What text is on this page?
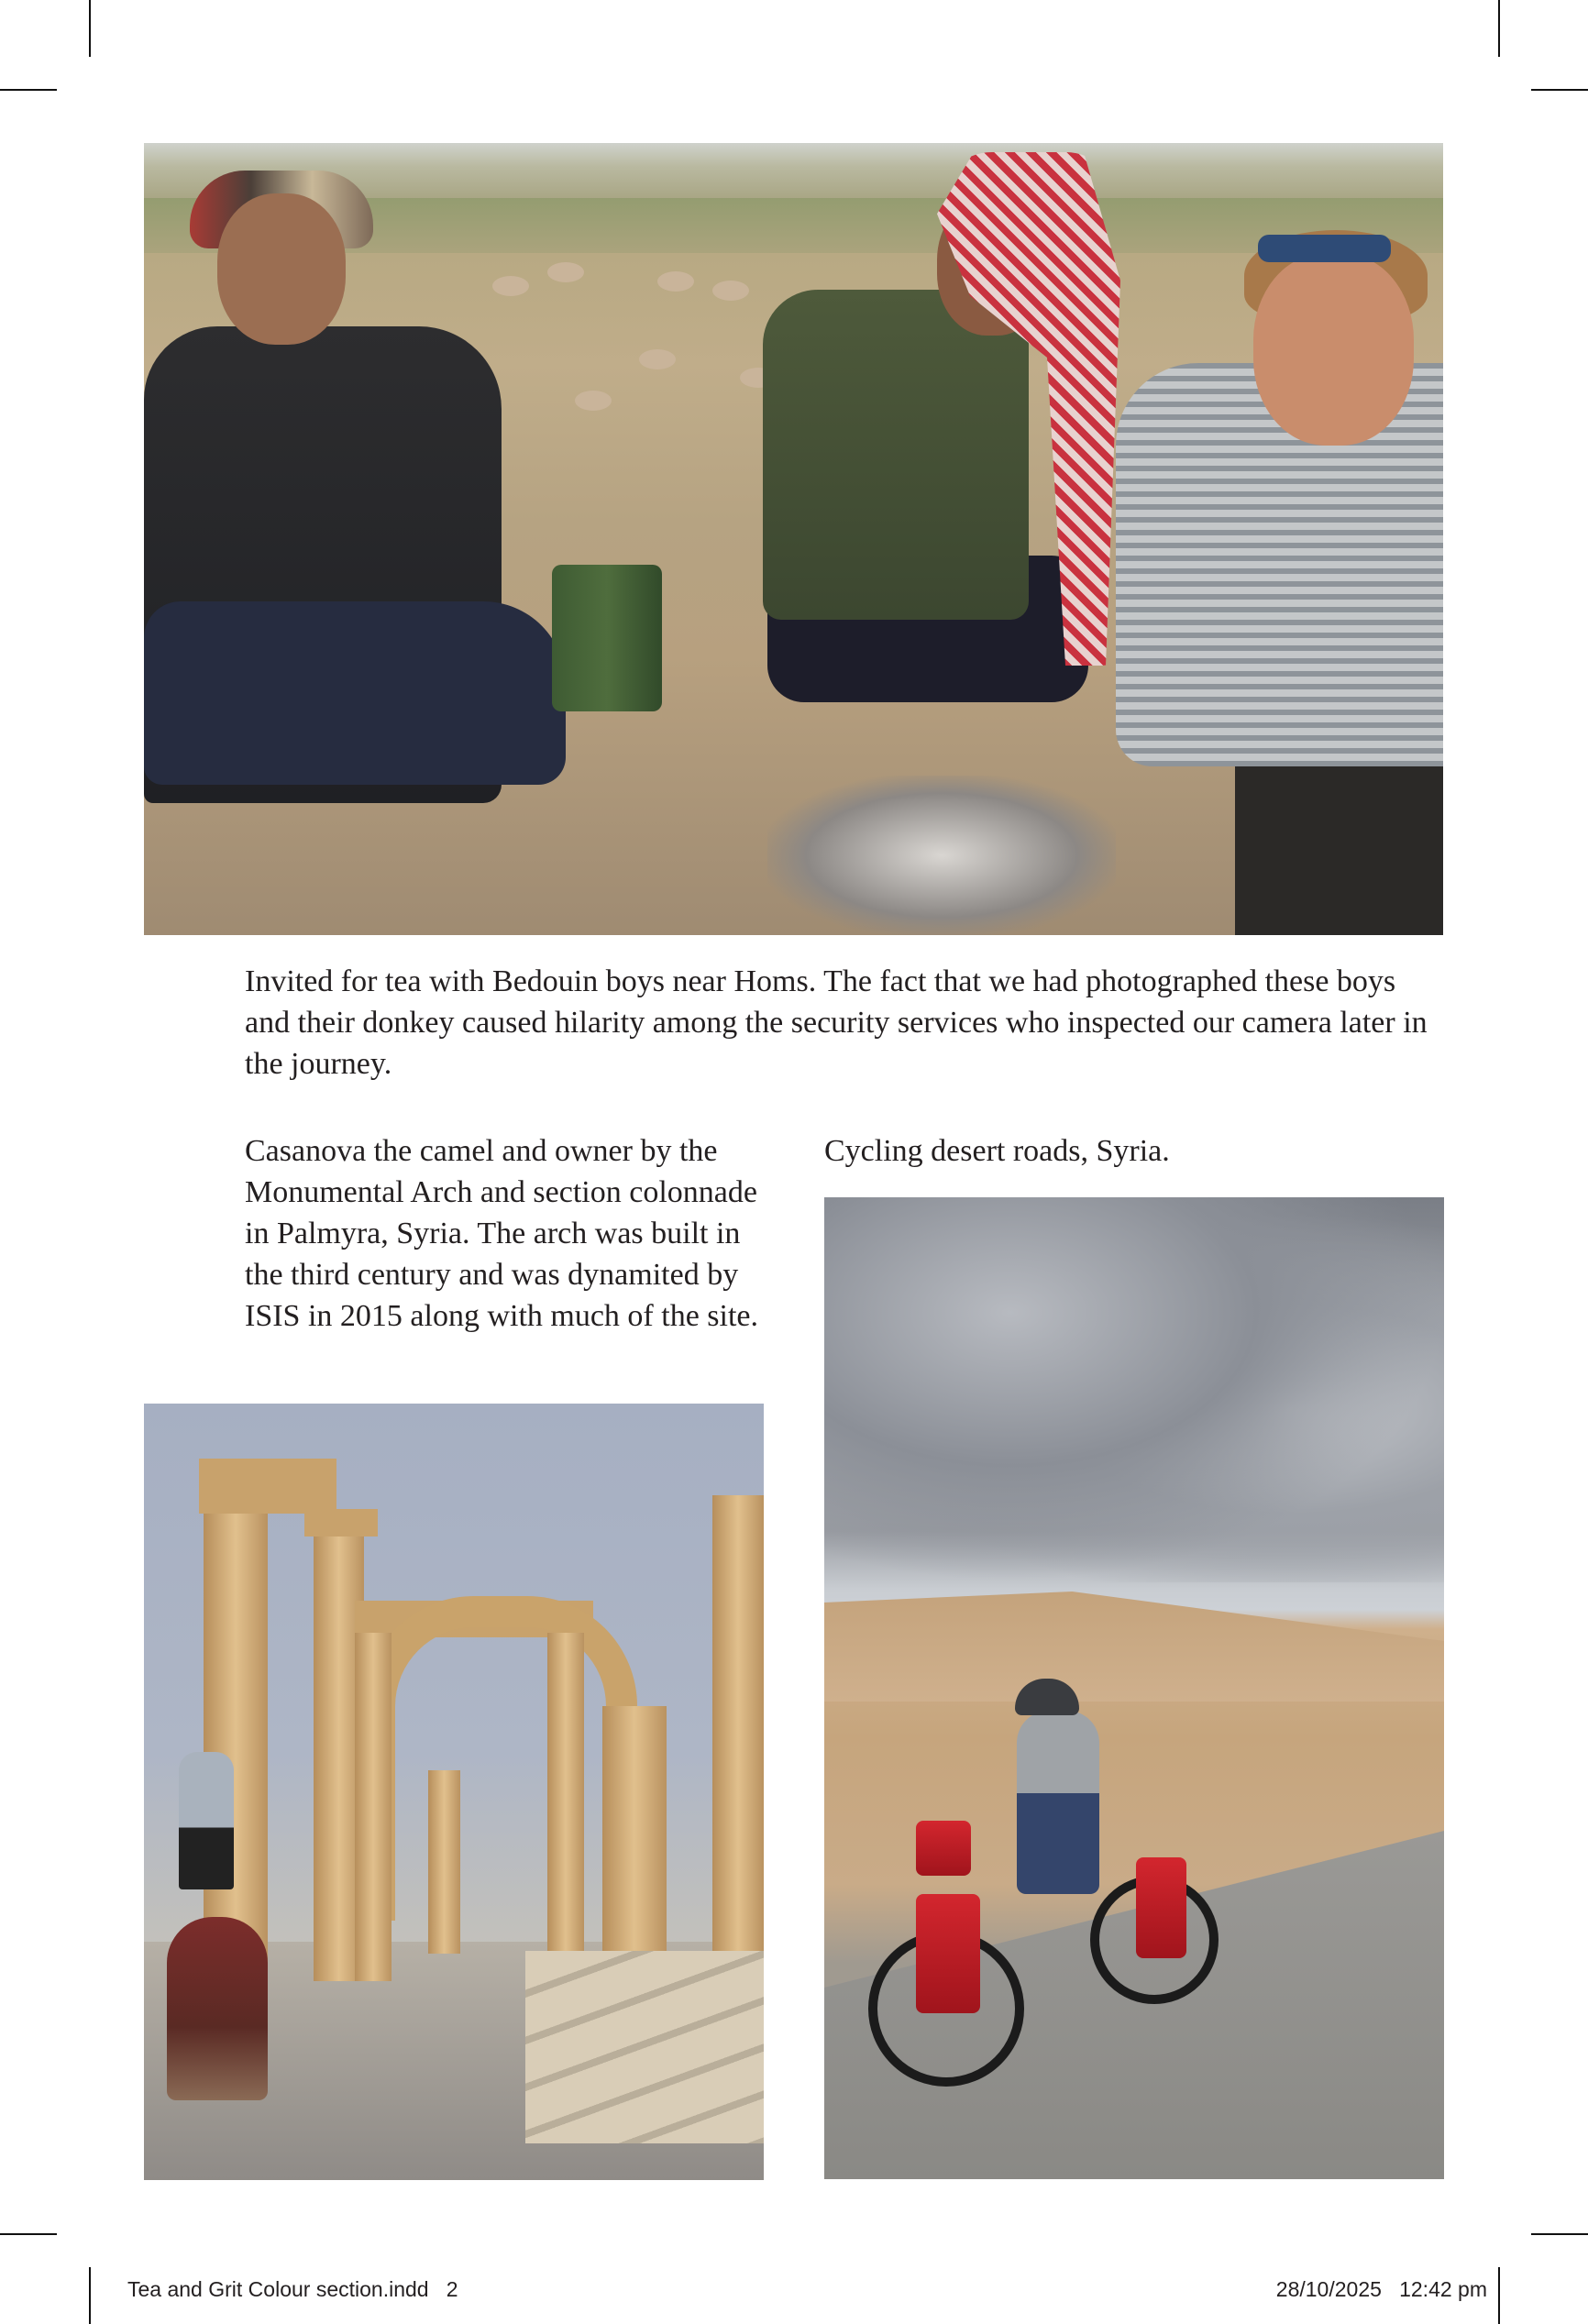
Invited for tea with Bedouin boys near Homs. The fact that we had photographed these boys and their donkey caused hilarity among the security services who inspected our camera later in the journey.

Casanova the camel and owner by the Monumental Arch and section colonnade in Palmyra, Syria. The arch was built in the third century and was dynamited by ISIS in 2015 along with much of the site.

Cycling desert roads, Syria.

Tea and Grit Colour section.indd 2	28/10/2025 12:42 pm
